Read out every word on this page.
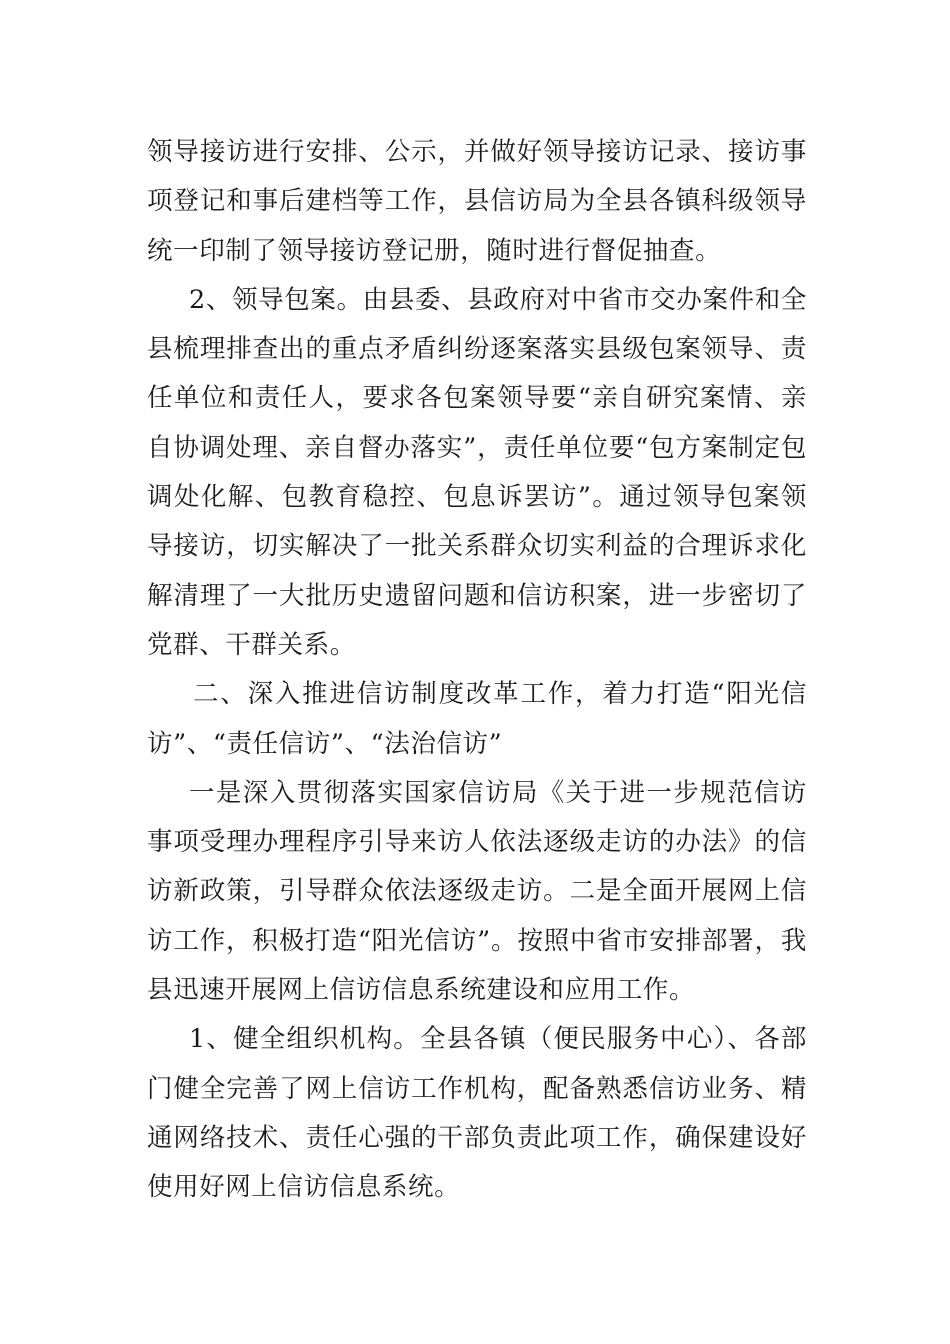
领导接访进行安排、公示，并做好领导接访记录、接访事项登记和事后建档等工作，县信访局为全县各镇科级领导统一印制了领导接访登记册，随时进行督促抽查。

2、领导包案。由县委、县政府对中省市交办案件和全县梳理排查出的重点矛盾纠纷逐案落实县级包案领导、责任单位和责任人，要求各包案领导要“亲自研究案情、亲自协调处理、亲自督办落实”，责任单位要“包方案制定包调处化解、包教育稳控、包息诉罢访”。通过领导包案领导接访，切实解决了一批关系群众切实利益的合理诉求化解清理了一大批历史遗留问题和信访积案，进一步密切了党群、干群关系。

二、深入推进信访制度改革工作，着力打造“阳光信访”、“责任信访”、“法治信访”

一是深入贯彻落实国家信访局《关于进一步规范信访事项受理办理程序引导来访人依法逐级走访的办法》的信访新政策，引导群众依法逐级走访。二是全面开展网上信访工作，积极打造“阳光信访”。按照中省市安排部署，我县迅速开展网上信访信息系统建设和应用工作。

1、健全组织机构。全县各镇（便民服务中心）、各部门健全完善了网上信访工作机构，配备熟悉信访业务、精通网络技术、责任心强的干部负责此项工作，确保建设好使用好网上信访信息系统。
